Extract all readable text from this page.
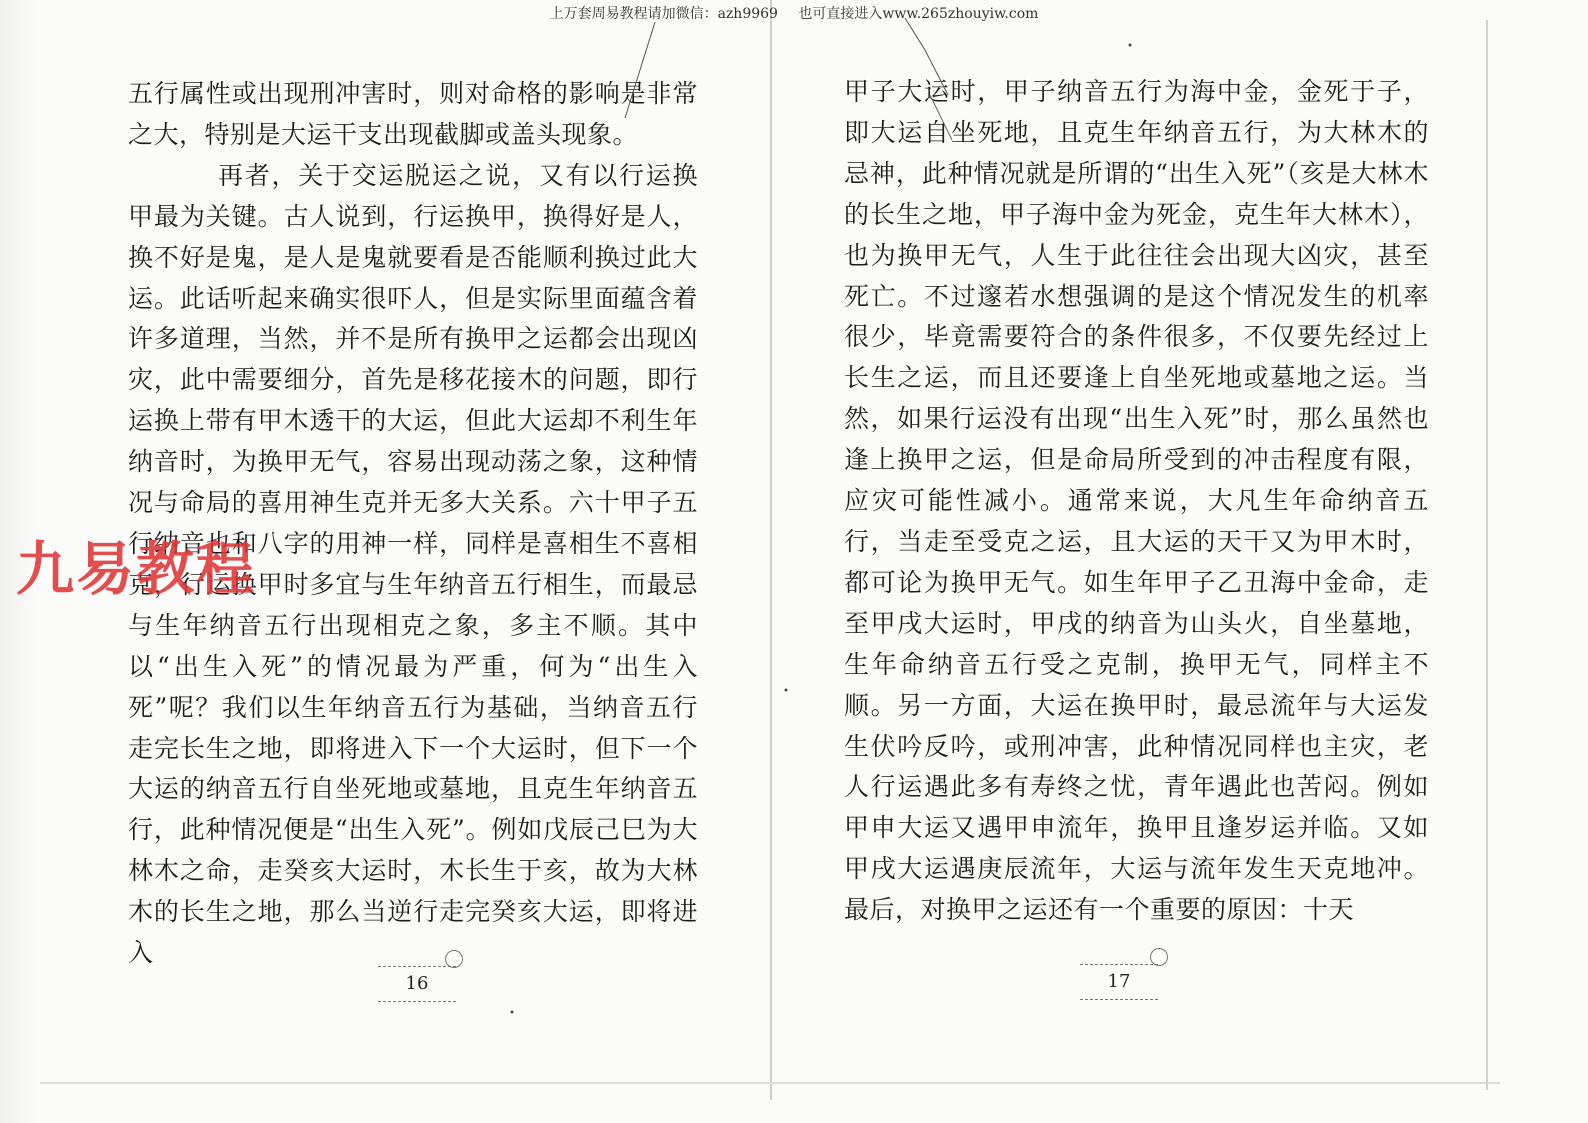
上万套周易教程请加微信：azh9969 也可直接进入www.265zhouyiw.com

五行属性或出现刑冲害时，则对命格的影响是非常之大，特别是大运干支出现截脚或盖头现象。

再者，关于交运脱运之说，又有以行运换甲最为关键。古人说到，行运换甲，换得好是人，换不好是鬼，是人是鬼就要看是否能顺利换过此大运。此话听起来确实很吓人，但是实际里面蕴含着许多道理，当然，并不是所有换甲之运都会出现凶灾，此中需要细分，首先是移花接木的问题，即行运换上带有甲木透干的大运，但此大运却不利生年纳音时，为换甲无气，容易出现动荡之象，这种情况与命局的喜用神生克并无多大关系。六十甲子五行纳音也和八字的用神一样，同样是喜相生不喜相克，行运换甲时多宜与生年纳音五行相生，而最忌与生年纳音五行出现相克之象，多主不顺。其中以“出生入死”的情况最为严重，何为“出生入死”呢？我们以生年纳音五行为基础，当纳音五行走完长生之地，即将进入下一个大运时，但下一个大运的纳音五行自坐死地或墓地，且克生年纳音五行，此种情况便是“出生入死”。例如戊辰己巳为大林木之命，走癸亥大运时，木长生于亥，故为大林木的长生之地，那么当逆行走完癸亥大运，即将进入

甲子大运时，甲子纳音五行为海中金，金死于子，即大运自坐死地，且克生年纳音五行，为大林木的忌神，此种情况就是所谓的“出生入死”（亥是大林木的长生之地，甲子海中金为死金，克生年大林木），也为换甲无气，人生于此往往会出现大凶灾，甚至死亡。不过邃若水想强调的是这个情况发生的机率很少，毕竟需要符合的条件很多，不仅要先经过上长生之运，而且还要逢上自坐死地或墓地之运。当然，如果行运没有出现“出生入死”时，那么虽然也逢上换甲之运，但是命局所受到的冲击程度有限，应灾可能性减小。通常来说，大凡生年命纳音五行，当走至受克之运，且大运的天干又为甲木时，都可论为换甲无气。如生年甲子乙丑海中金命，走至甲戌大运时，甲戌的纳音为山头火，自坐墓地，生年命纳音五行受之克制，换甲无气，同样主不顺。另一方面，大运在换甲时，最忌流年与大运发生伏吟反吟，或刑冲害，此种情况同样也主灾，老人行运遇此多有寿终之忧，青年遇此也苦闷。例如甲申大运又遇甲申流年，换甲且逢岁运并临。又如甲戌大运遇庚辰流年，大运与流年发生天克地冲。最后，对换甲之运还有一个重要的原因：十天

16	17
九易教程
